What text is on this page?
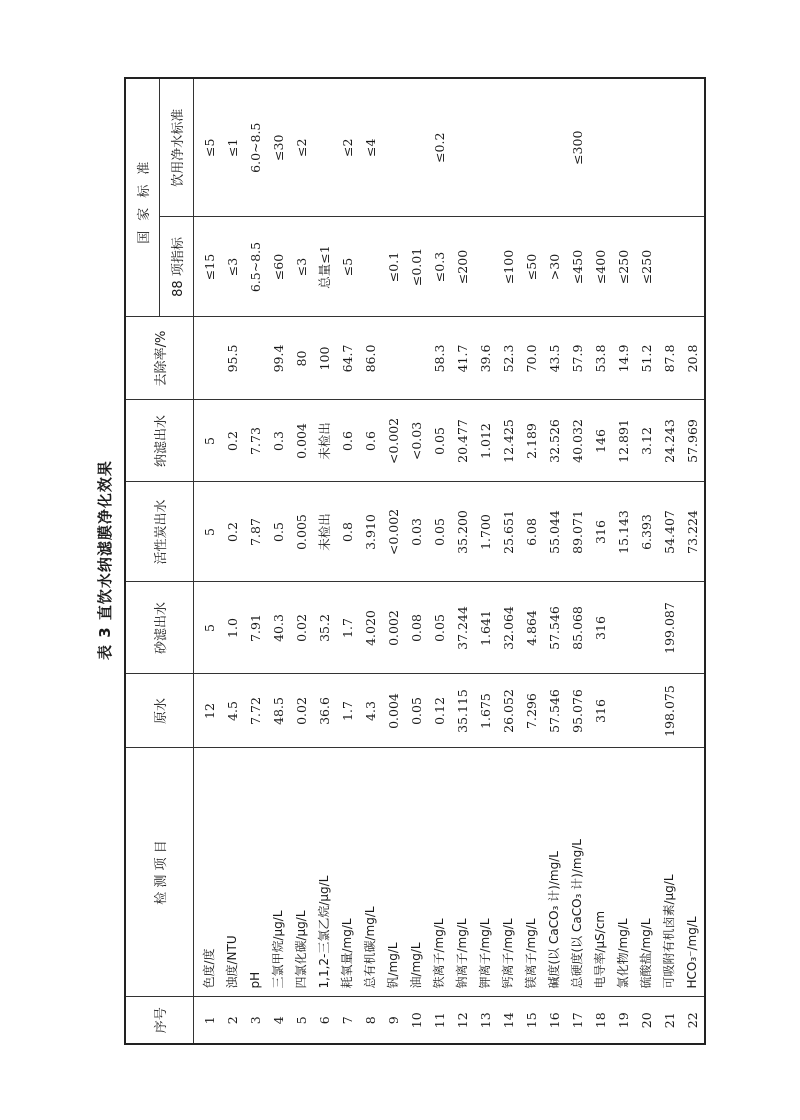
表 3 直饮水纳滤膜净化效果
序号	检 测 项 目	原水	砂滤出水	活性炭出水	纳滤出水	去除率/%	国家标准	
							88 项指标	饮用净水标准
1	色度/度	12	5	5	5		≤15	≤5
2	浊度/NTU	4.5	1.0	0.2	0.2	95.5	≤3	≤1
3	pH	7.72	7.91	7.87	7.73		6.5~8.5	6.0~8.5
4	三氯甲烷/μg/L	48.5	40.3	0.5	0.3	99.4	≤60	≤30
5	四氯化碳/μg/L	0.02	0.02	0.005	0.004	80	≤3	≤2
6	1,1,2-三氯乙烷/μg/L	36.6	35.2	未检出	未检出	100	总量≤1	
7	耗氧量/mg/L	1.7	1.7	0.8	0.6	64.7	≤5	≤2
8	总有机碳/mg/L	4.3	4.020	3.910	0.6	86.0		≤4
9	钒/mg/L	0.004	0.002	<0.002	<0.002		≤0.1	
10	油/mg/L	0.05	0.08	0.03	<0.03		≤0.01	
11	铁离子/mg/L	0.12	0.05	0.05	0.05	58.3	≤0.3	≤0.2
12	钠离子/mg/L	35.115	37.244	35.200	20.477	41.7	≤200	
13	钾离子/mg/L	1.675	1.641	1.700	1.012	39.6		
14	钙离子/mg/L	26.052	32.064	25.651	12.425	52.3	≤100	
15	镁离子/mg/L	7.296	4.864	6.08	2.189	70.0	≤50	
16	碱度(以 CaCO₃ 计)/mg/L	57.546	57.546	55.044	32.526	43.5	>30	
17	总硬度(以 CaCO₃ 计)/mg/L	95.076	85.068	89.071	40.032	57.9	≤450	≤300
18	电导率/μS/cm	316	316	316	146	53.8	≤400	
19	氯化物/mg/L			15.143	12.891	14.9	≤250	
20	硫酸盐/mg/L			6.393	3.12	51.2	≤250	
21	可吸附有机卤素/μg/L	198.075	199.087	54.407	24.243	87.8		
22	HCO₃⁻/mg/L			73.224	57.969	20.8		
